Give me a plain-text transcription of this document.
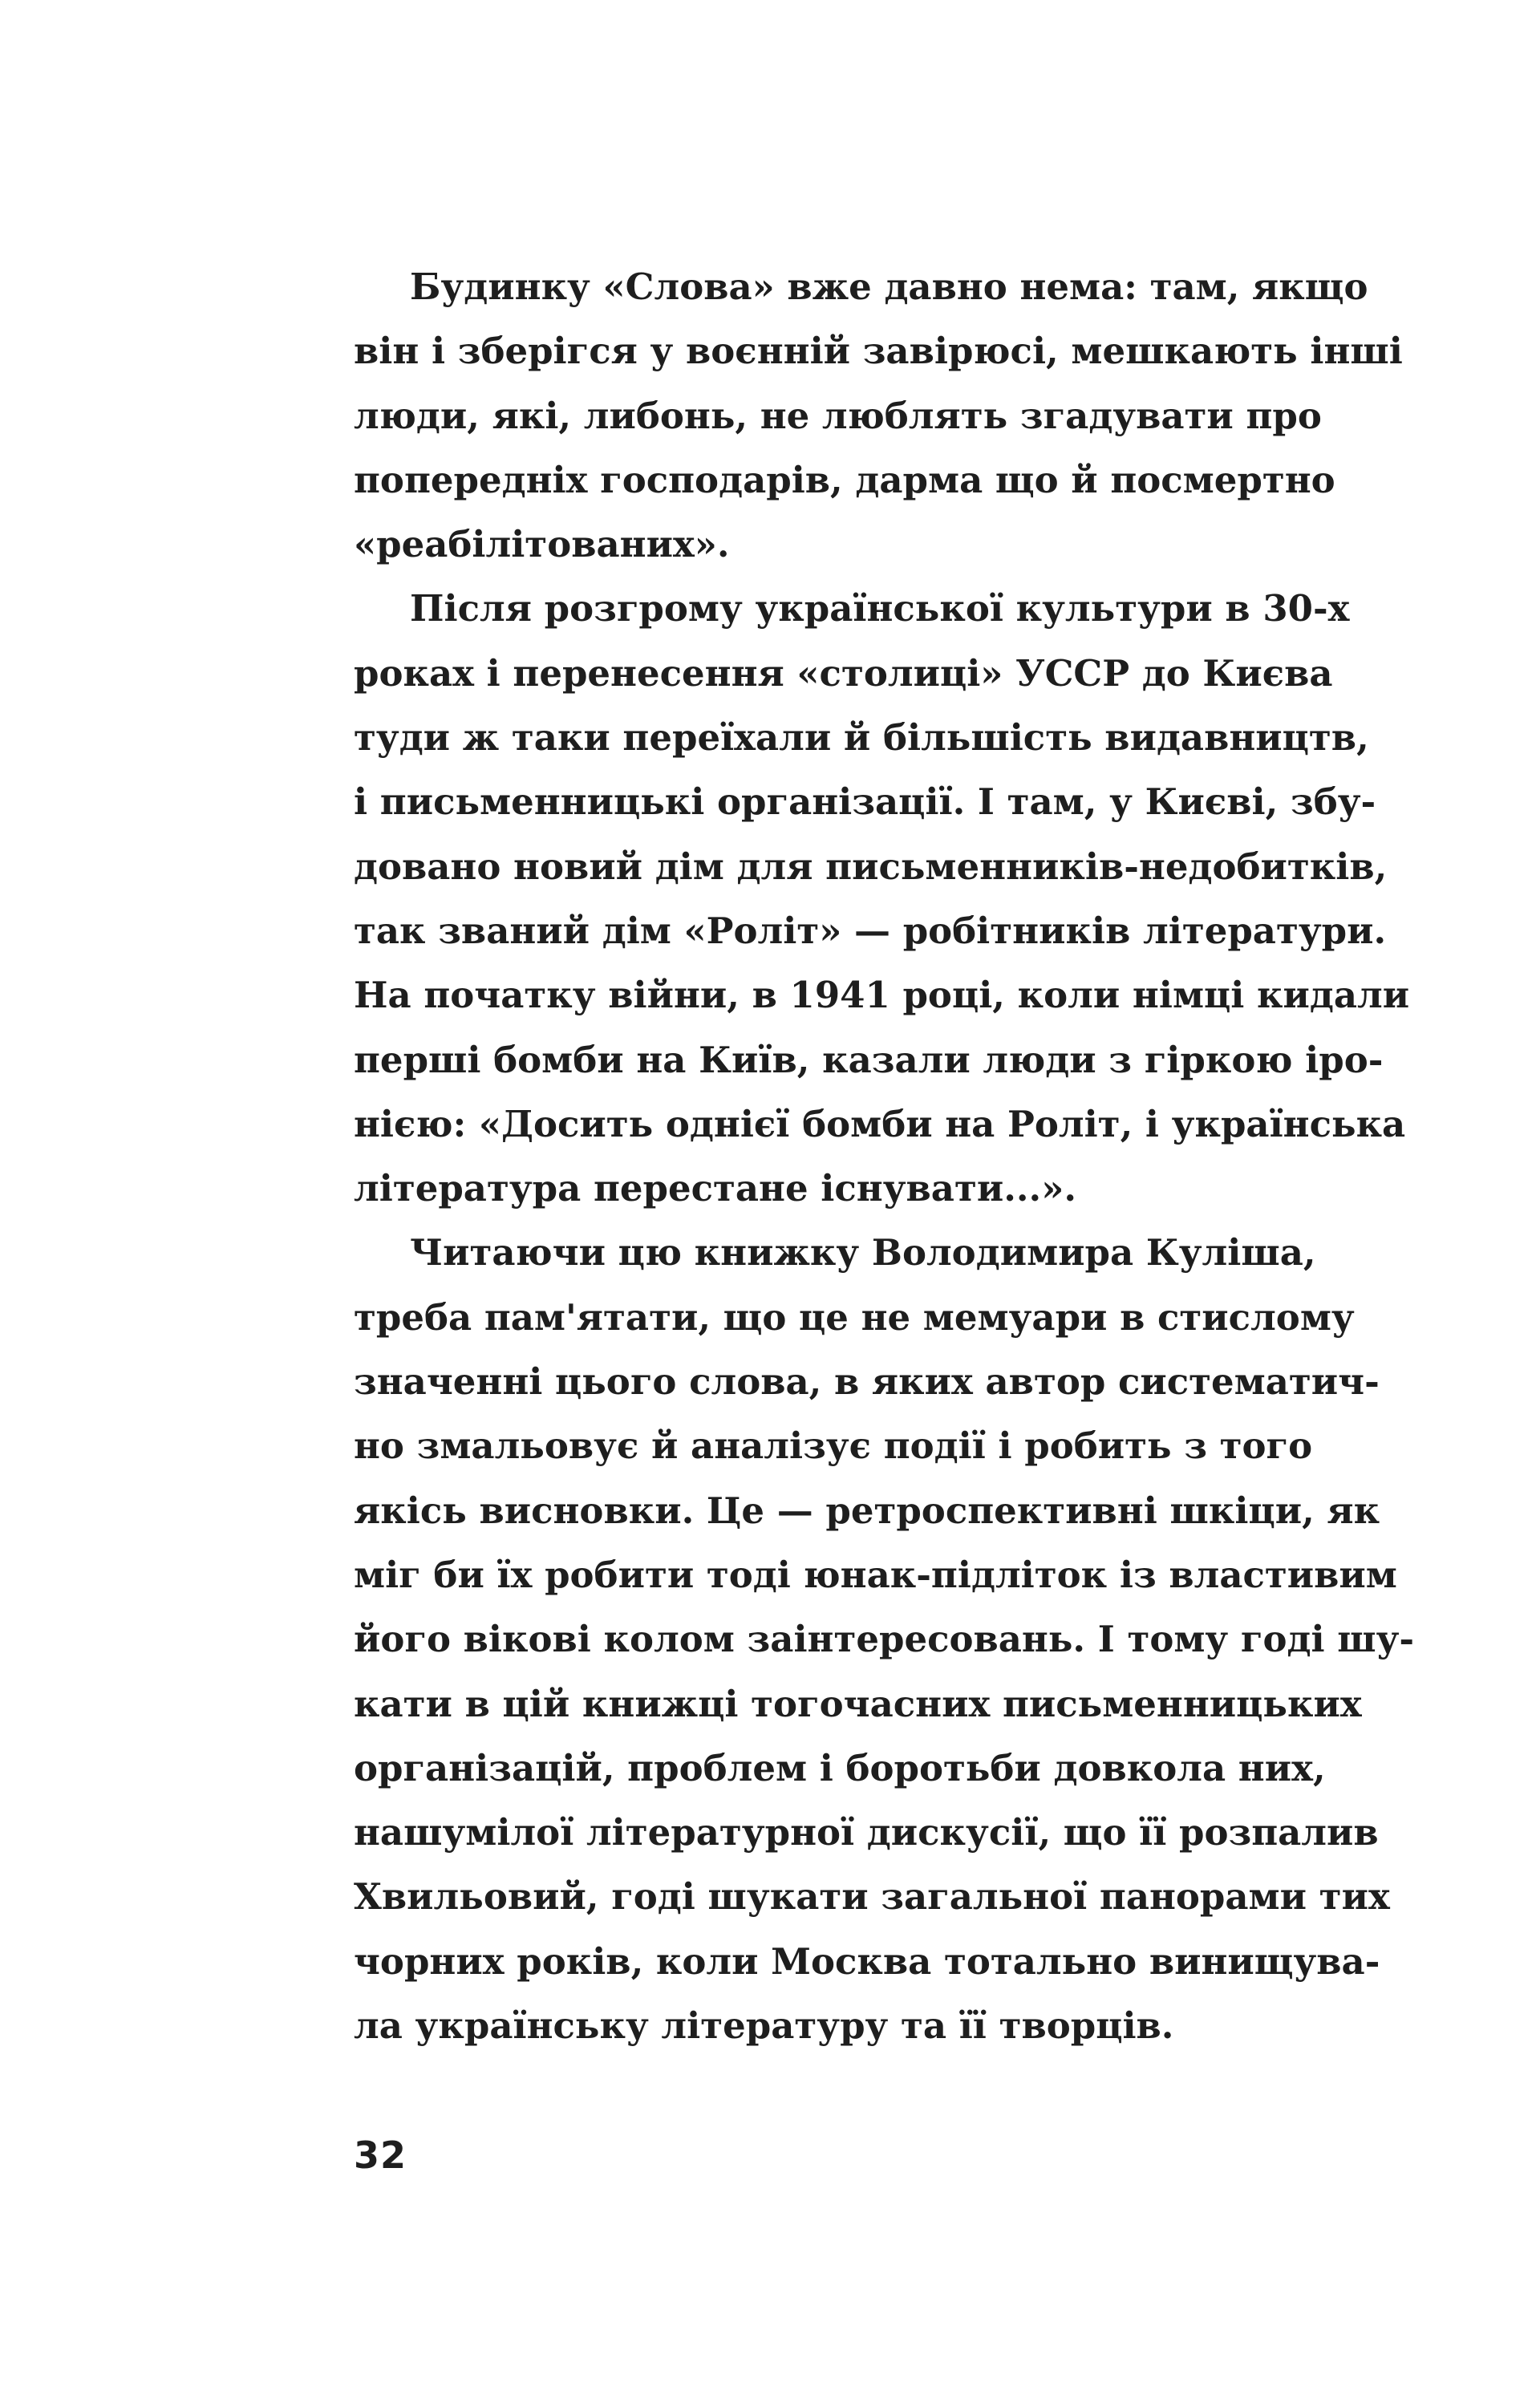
Будинку «Слова» вже давно нема: там, якщо
він і зберігся у воєнній завірюсі, мешкають інші
люди, які, либонь, не люблять згадувати про
попередніх господарів, дарма що й посмертно
«реабілітованих».
Після розгрому української культури в 30-х
роках і перенесення «столиці» УССР до Києва
туди ж таки переїхали й більшість видавництв,
і письменницькі організації. І там, у Києві, збу-
довано новий дім для письменників-недобитків,
так званий дім «Роліт» — робітників літератури.
На початку війни, в 1941 році, коли німці кидали
перші бомби на Київ, казали люди з гіркою іро-
нією: «Досить однієї бомби на Роліт, і українська
література перестане існувати...».
Читаючи цю книжку Володимира Куліша,
треба пам'ятати, що це не мемуари в стислому
значенні цього слова, в яких автор систематич-
но змальовує й аналізує події і робить з того
якісь висновки. Це — ретроспективні шкіци, як
міг би їх робити тоді юнак-підліток із властивим
його вікові колом заінтересовань. І тому годі шу-
кати в цій книжці тогочасних письменницьких
організацій, проблем і боротьби довкола них,
нашумілої літературної дискусії, що її розпалив
Хвильовий, годі шукати загальної панорами тих
чорних років, коли Москва тотально винищува-
ла українську літературу та її творців.
32
